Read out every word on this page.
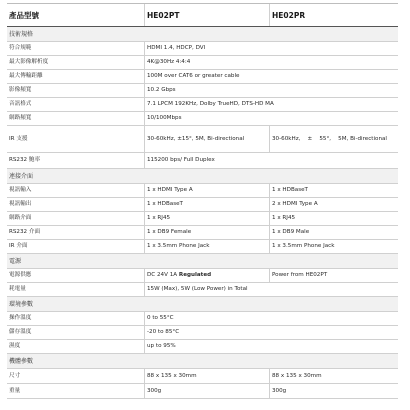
產品型號	HE02PT	HE02PR
技術規格
符合規範	HDMI 1.4, HDCP, DVI
最大影像解析度	4K@30Hz 4:4:4
最大傳輸距離	100M over CAT6 or greater cable
影像頻寬	10.2 Gbps
音訊格式	7.1 LPCM 192KHz, Dolby TrueHD, DTS-HD MA
網路頻寬	10/100Mbps
IR 支援	30-60kHz, ±15°, 5M, Bi-directional	30-60kHz,    ±    55°,    5M, Bi-directional
RS232 鮑率	115200 bps/ Full Duplex
連接介面
視訊輸入	1 x HDMI Type A	1 x HDBaseT
視訊輸出	1 x HDBaseT	2 x HDMI Type A
網路介面	1 x RJ45	1 x RJ45
RS232 介面	1 x DB9 Female	1 x DB9 Male
IR 介面	1 x 3.5mm Phone Jack	1 x 3.5mm Phone Jack
電源
電源供應	DC 24V 1A Regulated	Power from HE02PT
耗電量	15W (Max), 5W (Low Power) in Total
環境參數
操作溫度	0 to 55°C
儲存溫度	-20 to 85°C
濕度	up to 95%
機體參數
尺寸	88 x 135 x 30mm	88 x 135 x 30mm
重量	300g	300g
